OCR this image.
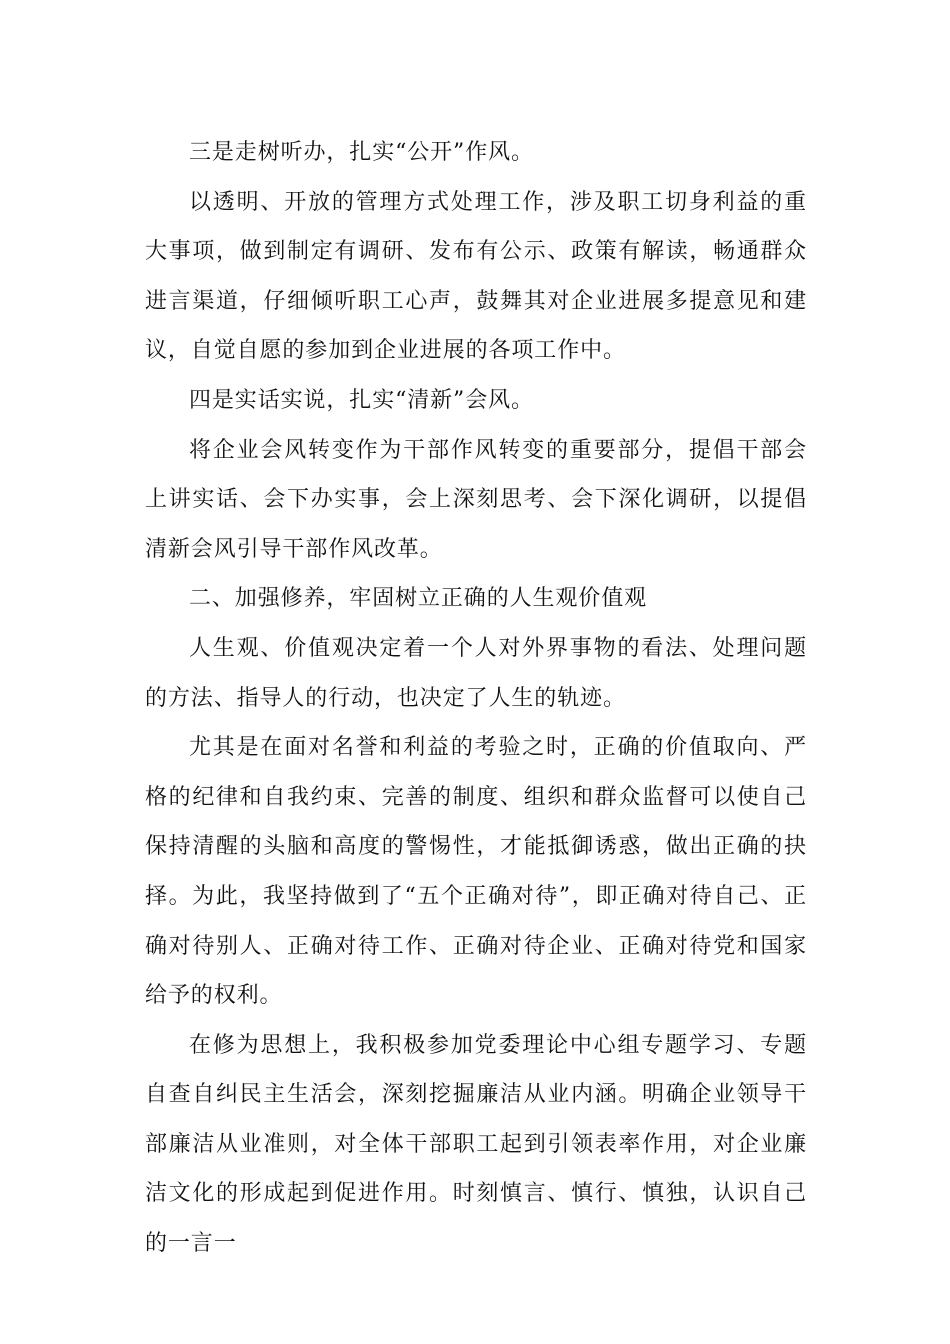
三是走树听办，扎实“公开”作风。

以透明、开放的管理方式处理工作，涉及职工切身利益的重大事项，做到制定有调研、发布有公示、政策有解读，畅通群众进言渠道，仔细倾听职工心声，鼓舞其对企业进展多提意见和建议，自觉自愿的参加到企业进展的各项工作中。

四是实话实说，扎实“清新”会风。

将企业会风转变作为干部作风转变的重要部分，提倡干部会上讲实话、会下办实事，会上深刻思考、会下深化调研，以提倡清新会风引导干部作风改革。

二、加强修养，牢固树立正确的人生观价值观

人生观、价值观决定着一个人对外界事物的看法、处理问题的方法、指导人的行动，也决定了人生的轨迹。

尤其是在面对名誉和利益的考验之时，正确的价值取向、严格的纪律和自我约束、完善的制度、组织和群众监督可以使自己保持清醒的头脑和高度的警惕性，才能抵御诱惑，做出正确的抉择。为此，我坚持做到了“五个正确对待”，即正确对待自己、正确对待别人、正确对待工作、正确对待企业、正确对待党和国家给予的权利。

在修为思想上，我积极参加党委理论中心组专题学习、专题自查自纠民主生活会，深刻挖掘廉洁从业内涵。明确企业领导干部廉洁从业准则，对全体干部职工起到引领表率作用，对企业廉洁文化的形成起到促进作用。时刻慎言、慎行、慎独，认识自己的一言一
